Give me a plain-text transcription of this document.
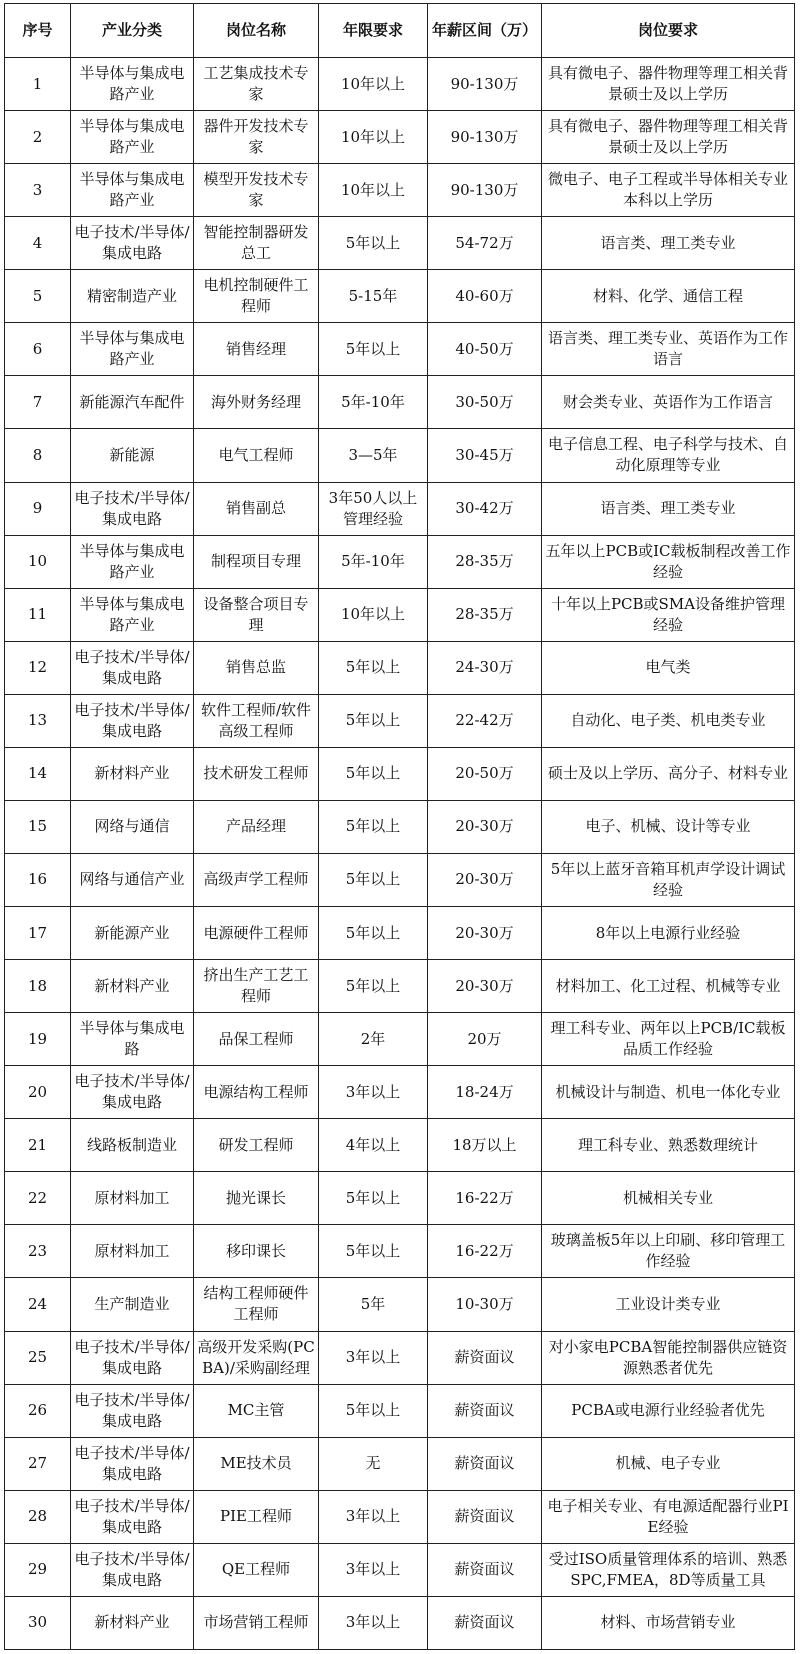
序号	产业分类	岗位名称	年限要求	年薪区间（万）	岗位要求
1	半导体与集成电路产业	工艺集成技术专家	10年以上	90-130万	具有微电子、器件物理等理工相关背景硕士及以上学历
2	半导体与集成电路产业	器件开发技术专家	10年以上	90-130万	具有微电子、器件物理等理工相关背景硕士及以上学历
3	半导体与集成电路产业	模型开发技术专家	10年以上	90-130万	微电子、电子工程或半导体相关专业本科以上学历
4	电子技术/半导体/集成电路	智能控制器研发总工	5年以上	54-72万	语言类、理工类专业
5	精密制造产业	电机控制硬件工程师	5-15年	40-60万	材料、化学、通信工程
6	半导体与集成电路产业	销售经理	5年以上	40-50万	语言类、理工类专业、英语作为工作语言
7	新能源汽车配件	海外财务经理	5年-10年	30-50万	财会类专业、英语作为工作语言
8	新能源	电气工程师	3—5年	30-45万	电子信息工程、电子科学与技术、自动化原理等专业
9	电子技术/半导体/集成电路	销售副总	3年50人以上管理经验	30-42万	语言类、理工类专业
10	半导体与集成电路产业	制程项目专理	5年-10年	28-35万	五年以上PCB或IC载板制程改善工作经验
11	半导体与集成电路产业	设备整合项目专理	10年以上	28-35万	十年以上PCB或SMA设备维护管理经验
12	电子技术/半导体/集成电路	销售总监	5年以上	24-30万	电气类
13	电子技术/半导体/集成电路	软件工程师/软件高级工程师	5年以上	22-42万	自动化、电子类、机电类专业
14	新材料产业	技术研发工程师	5年以上	20-50万	硕士及以上学历、高分子、材料专业
15	网络与通信	产品经理	5年以上	20-30万	电子、机械、设计等专业
16	网络与通信产业	高级声学工程师	5年以上	20-30万	5年以上蓝牙音箱耳机声学设计调试经验
17	新能源产业	电源硬件工程师	5年以上	20-30万	8年以上电源行业经验
18	新材料产业	挤出生产工艺工程师	5年以上	20-30万	材料加工、化工过程、机械等专业
19	半导体与集成电路	品保工程师	2年	20万	理工科专业、两年以上PCB/IC载板品质工作经验
20	电子技术/半导体/集成电路	电源结构工程师	3年以上	18-24万	机械设计与制造、机电一体化专业
21	线路板制造业	研发工程师	4年以上	18万以上	理工科专业、熟悉数理统计
22	原材料加工	抛光课长	5年以上	16-22万	机械相关专业
23	原材料加工	移印课长	5年以上	16-22万	玻璃盖板5年以上印刷、移印管理工作经验
24	生产制造业	结构工程师硬件工程师	5年	10-30万	工业设计类专业
25	电子技术/半导体/集成电路	高级开发采购(PCBA)/采购副经理	3年以上	薪资面议	对小家电PCBA智能控制器供应链资源熟悉者优先
26	电子技术/半导体/集成电路	MC主管	5年以上	薪资面议	PCBA或电源行业经验者优先
27	电子技术/半导体/集成电路	ME技术员	无	薪资面议	机械、电子专业
28	电子技术/半导体/集成电路	PIE工程师	3年以上	薪资面议	电子相关专业、有电源适配器行业PIE经验
29	电子技术/半导体/集成电路	QE工程师	3年以上	薪资面议	受过ISO质量管理体系的培训、熟悉SPC,FMEA，8D等质量工具
30	新材料产业	市场营销工程师	3年以上	薪资面议	材料、市场营销专业
